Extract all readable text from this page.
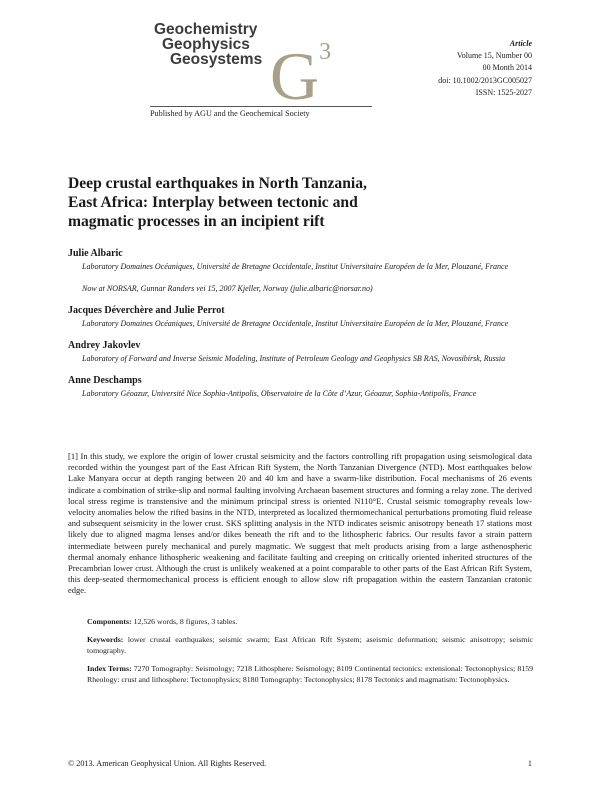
Geochemistry
Geophysics
Geosystems $G^3$
Published by AGU and the Geochemical Society
Article
Volume 15, Number 00
00 Month 2014
doi: 10.1002/2013GC005027
ISSN: 1525-2027
Deep crustal earthquakes in North Tanzania, East Africa: Interplay between tectonic and magmatic processes in an incipient rift
Julie Albaric
Laboratory Domaines Océaniques, Université de Bretagne Occidentale, Institut Universitaire Européen de la Mer, Plouzané, France
Now at NORSAR, Gunnar Randers vei 15, 2007 Kjeller, Norway (julie.albaric@norsar.no)
Jacques Déverchère and Julie Perrot
Laboratory Domaines Océaniques, Université de Bretagne Occidentale, Institut Universitaire Européen de la Mer, Plouzané, France
Andrey Jakovlev
Laboratory of Forward and Inverse Seismic Modeling, Institute of Petroleum Geology and Geophysics SB RAS, Novosibirsk, Russia
Anne Deschamps
Laboratory Géoazur, Université Nice Sophia-Antipolis, Observatoire de la Côte d’Azur, Géoazur, Sophia-Antipolis, France

[1] In this study, we explore the origin of lower crustal seismicity and the factors controlling rift propagation using seismological data recorded within the youngest part of the East African Rift System, the North Tanzanian Divergence (NTD). Most earthquakes below Lake Manyara occur at depth ranging between 20 and 40 km and have a swarm-like distribution. Focal mechanisms of 26 events indicate a combination of strike-slip and normal faulting involving Archaean basement structures and forming a relay zone. The derived local stress regime is transtensive and the minimum principal stress is oriented N110°E. Crustal seismic tomography reveals low-velocity anomalies below the rifted basins in the NTD, interpreted as localized thermomechanical perturbations promoting fluid release and subsequent seismicity in the lower crust. SKS splitting analysis in the NTD indicates seismic anisotropy beneath 17 stations most likely due to aligned magma lenses and/or dikes beneath the rift and to the lithospheric fabrics. Our results favor a strain pattern intermediate between purely mechanical and purely magmatic. We suggest that melt products arising from a large asthenospheric thermal anomaly enhance lithospheric weakening and facilitate faulting and creeping on critically oriented inherited structures of the Precambrian lower crust. Although the crust is unlikely weakened at a point comparable to other parts of the East African Rift System, this deep-seated thermomechanical process is efficient enough to allow slow rift propagation within the eastern Tanzanian cratonic edge.

Components: 12,526 words, 8 figures, 3 tables.

Keywords: lower crustal earthquakes; seismic swarm; East African Rift System; aseismic deformation; seismic anisotropy; seismic tomography.

Index Terms: 7270 Tomography: Seismology; 7218 Lithosphere: Seismology; 8109 Continental tectonics: extensional: Tectonophysics; 8159 Rheology: crust and lithosphere: Tectonophysics; 8180 Tomography: Tectonophysics; 8178 Tectonics and magmatism: Tectonophysics.

© 2013. American Geophysical Union. All Rights Reserved.	1
